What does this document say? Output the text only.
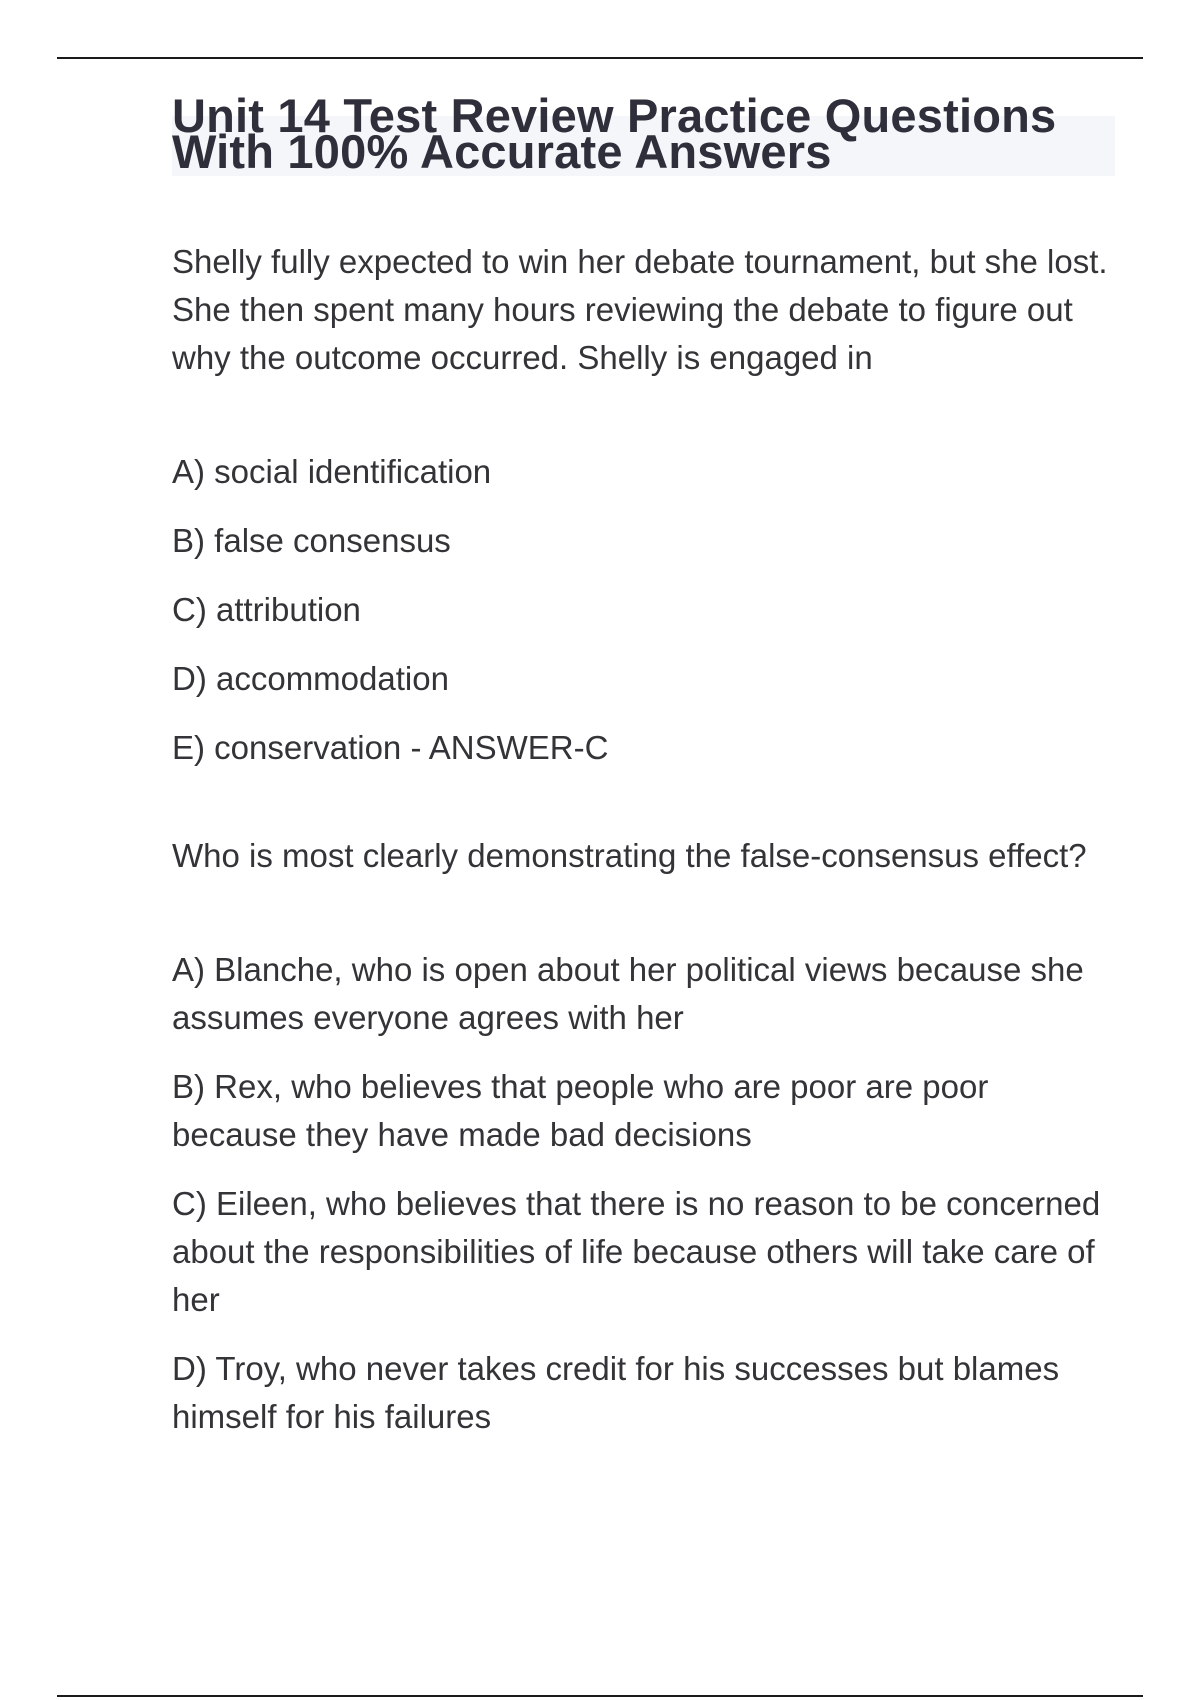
Unit 14 Test Review Practice Questions With 100% Accurate Answers

Shelly fully expected to win her debate tournament, but she lost. She then spent many hours reviewing the debate to figure out why the outcome occurred. Shelly is engaged in

A) social identification
B) false consensus
C) attribution
D) accommodation
E) conservation - ANSWER-C

Who is most clearly demonstrating the false-consensus effect?

A) Blanche, who is open about her political views because she assumes everyone agrees with her
B) Rex, who believes that people who are poor are poor because they have made bad decisions
C) Eileen, who believes that there is no reason to be concerned about the responsibilities of life because others will take care of her
D) Troy, who never takes credit for his successes but blames himself for his failures
